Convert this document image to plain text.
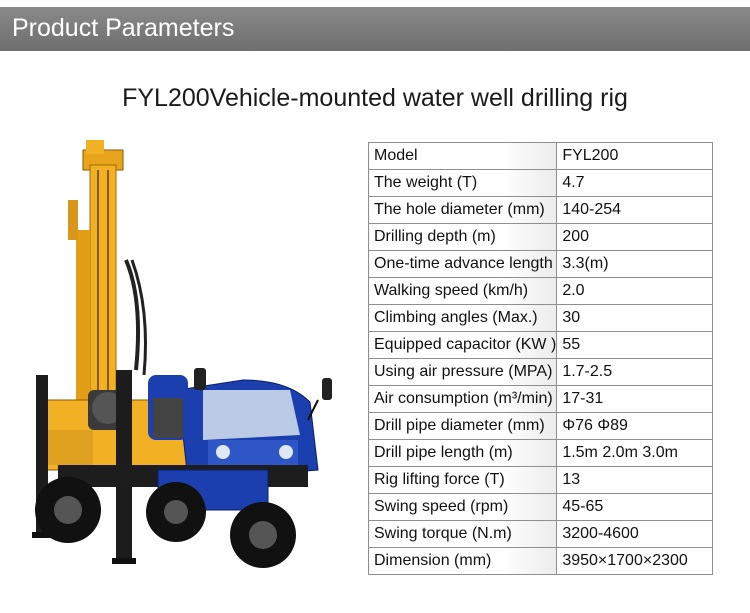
Product Parameters
FYL200Vehicle-mounted water well drilling rig
Model	FYL200
The weight (T)	4.7
The hole diameter (mm)	140-254
Drilling depth (m)	200
One-time advance length	3.3(m)
Walking speed (km/h)	2.0
Climbing angles (Max.)	30
Equipped capacitor (KW )	55
Using air pressure (MPA)	1.7-2.5
Air consumption (m³/min)	17-31
Drill pipe diameter (mm)	Φ76 Φ89
Drill pipe length (m)	1.5m 2.0m 3.0m
Rig lifting force (T)	13
Swing speed (rpm)	45-65
Swing torque (N.m)	3200-4600
Dimension (mm)	3950×1700×2300
